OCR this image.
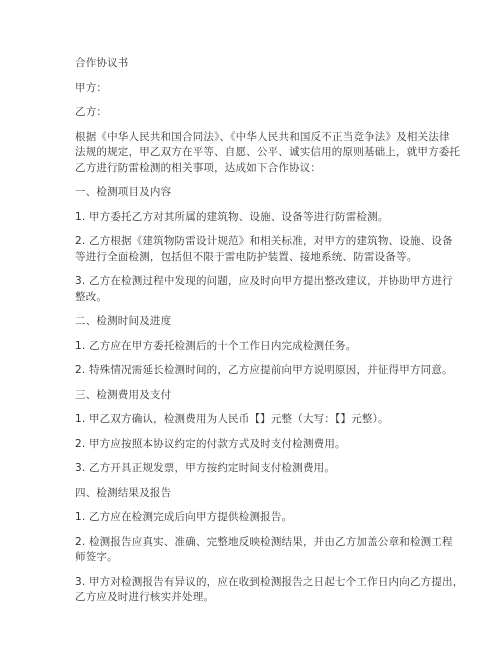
合作协议书

甲方：

乙方：

根据《中华人民共和国合同法》、《中华人民共和国反不正当竞争法》及相关法律
法规的规定，甲乙双方在平等、自愿、公平、诚实信用的原则基础上，就甲方委托
乙方进行防雷检测的相关事项，达成如下合作协议：

一、检测项目及内容

1. 甲方委托乙方对其所属的建筑物、设施、设备等进行防雷检测。

2. 乙方根据《建筑物防雷设计规范》和相关标准，对甲方的建筑物、设施、设备
等进行全面检测，包括但不限于雷电防护装置、接地系统、防雷设备等。

3. 乙方在检测过程中发现的问题，应及时向甲方提出整改建议，并协助甲方进行
整改。

二、检测时间及进度

1. 乙方应在甲方委托检测后的十个工作日内完成检测任务。

2. 特殊情况需延长检测时间的，乙方应提前向甲方说明原因，并征得甲方同意。

三、检测费用及支付

1. 甲乙双方确认，检测费用为人民币【】元整（大写：【】元整）。

2. 甲方应按照本协议约定的付款方式及时支付检测费用。

3. 乙方开具正规发票，甲方按约定时间支付检测费用。

四、检测结果及报告

1. 乙方应在检测完成后向甲方提供检测报告。

2. 检测报告应真实、准确、完整地反映检测结果，并由乙方加盖公章和检测工程
师签字。

3. 甲方对检测报告有异议的，应在收到检测报告之日起七个工作日内向乙方提出，
乙方应及时进行核实并处理。
